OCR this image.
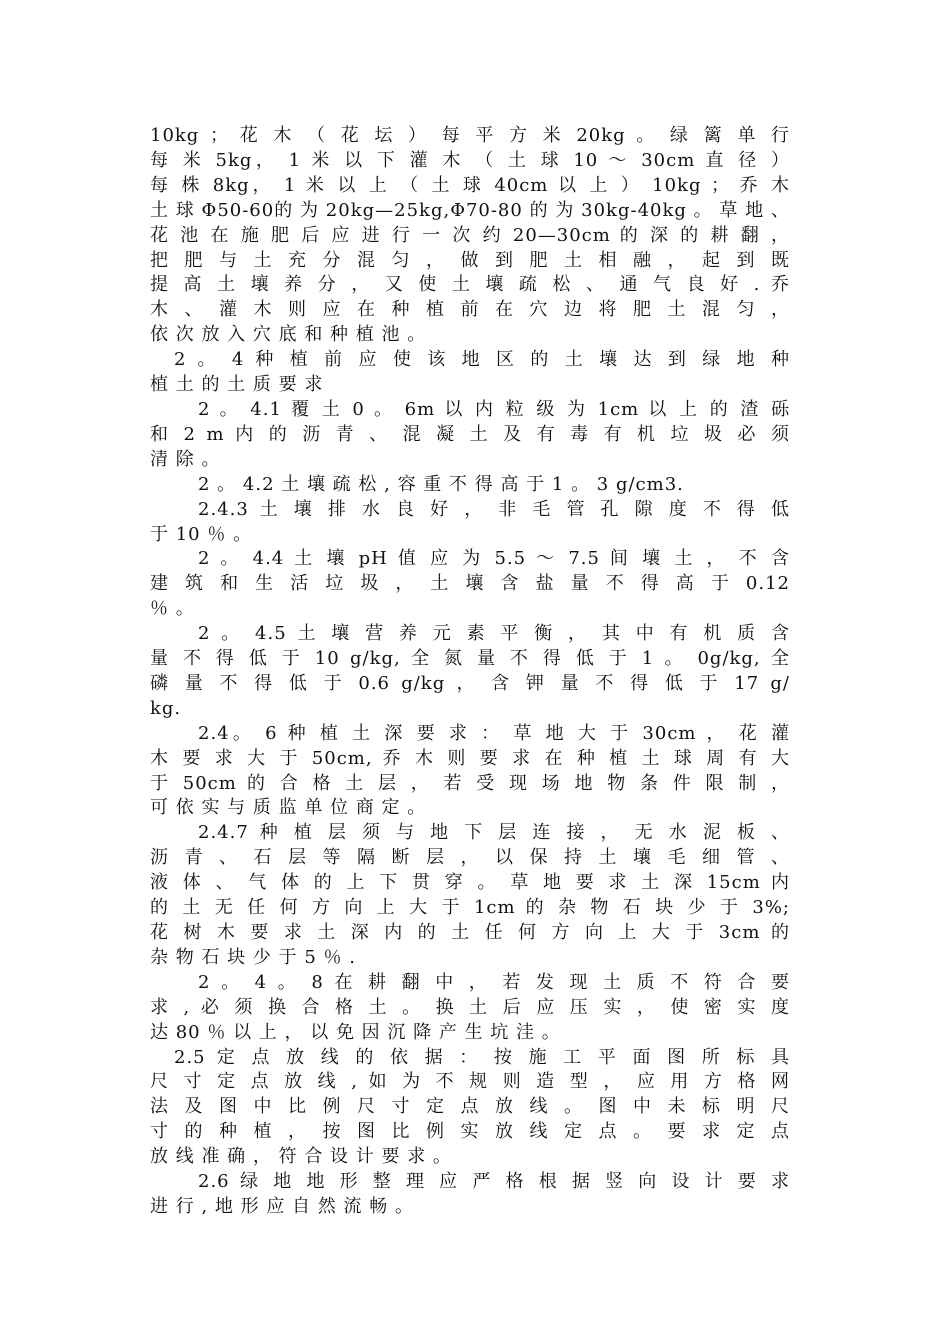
10kg ； 花 木 （ 花 坛 ） 每 平 方 米 20kg 。 绿 篱 单 行
每 米 5kg， 1 米 以 下 灌 木 （ 土 球 10 ～ 30cm 直 径 ）
每 株 8kg， 1 米 以 上 （ 土 球 40cm 以 上 ） 10kg ； 乔 木
土 球 Φ50-60的 为 20kg—25kg,Φ70-80 的 为 30kg-40kg 。 草 地 、
花 池 在 施 肥 后 应 进 行 一 次 约 20—30cm 的 深 的 耕 翻 ，
把 肥 与 土 充 分 混 匀 ， 做 到 肥 土 相 融 ， 起 到 既
提 高 土 壤 养 分 ， 又 使 土 壤 疏 松 、 通 气 良 好 . 乔
木 、 灌 木 则 应 在 种 植 前 在 穴 边 将 肥 土 混 匀 ，
依 次 放 入 穴 底 和 种 植 池 。
2 。 4 种 植 前 应 使 该 地 区 的 土 壤 达 到 绿 地 种
植 土 的 土 质 要 求
2 。 4.1 覆 土 0 。 6m 以 内 粒 级 为 1cm 以 上 的 渣 砾
和 2 m 内 的 沥 青 、 混 凝 土 及 有 毒 有 机 垃 圾 必 须
清 除 。
2 。 4.2 土 壤 疏 松 , 容 重 不 得 高 于 1 。 3 g/cm3.
2.4.3 土 壤 排 水 良 好 ， 非 毛 管 孔 隙 度 不 得 低
于 10 ％ 。
2 。 4.4 土 壤 pH 值 应 为 5.5 ～ 7.5 间 壤 土 ， 不 含
建 筑 和 生 活 垃 圾 ， 土 壤 含 盐 量 不 得 高 于 0.12
％ 。
2 。 4.5 土 壤 营 养 元 素 平 衡 ， 其 中 有 机 质 含
量 不 得 低 于 10 g/kg, 全 氮 量 不 得 低 于 1 。 0g/kg, 全
磷 量 不 得 低 于 0.6 g/kg ， 含 钾 量 不 得 低 于 17 g/
kg.
2.4。 6 种 植 土 深 要 求 ： 草 地 大 于 30cm ， 花 灌
木 要 求 大 于 50cm, 乔 木 则 要 求 在 种 植 土 球 周 有 大
于 50cm 的 合 格 土 层 ， 若 受 现 场 地 物 条 件 限 制 ，
可 依 实 与 质 监 单 位 商 定 。
2.4.7 种 植 层 须 与 地 下 层 连 接 ， 无 水 泥 板 、
沥 青 、 石 层 等 隔 断 层 ， 以 保 持 土 壤 毛 细 管 、
液 体 、 气 体 的 上 下 贯 穿 。 草 地 要 求 土 深 15cm 内
的 土 无 任 何 方 向 上 大 于 1cm 的 杂 物 石 块 少 于 3%;
花 树 木 要 求 土 深 内 的 土 任 何 方 向 上 大 于 3cm 的
杂 物 石 块 少 于 5 ％ .
2 。 4 。 8 在 耕 翻 中 ， 若 发 现 土 质 不 符 合 要
求 , 必 须 换 合 格 土 。 换 土 后 应 压 实 ， 使 密 实 度
达 80 ％ 以 上 ， 以 免 因 沉 降 产 生 坑 洼 。
2.5 定 点 放 线 的 依 据 ： 按 施 工 平 面 图 所 标 具
尺 寸 定 点 放 线 , 如 为 不 规 则 造 型 ， 应 用 方 格 网
法 及 图 中 比 例 尺 寸 定 点 放 线 。 图 中 未 标 明 尺
寸 的 种 植 ， 按 图 比 例 实 放 线 定 点 。 要 求 定 点
放 线 准 确 ， 符 合 设 计 要 求 。
2.6 绿 地 地 形 整 理 应 严 格 根 据 竖 向 设 计 要 求
进 行 , 地 形 应 自 然 流 畅 。
